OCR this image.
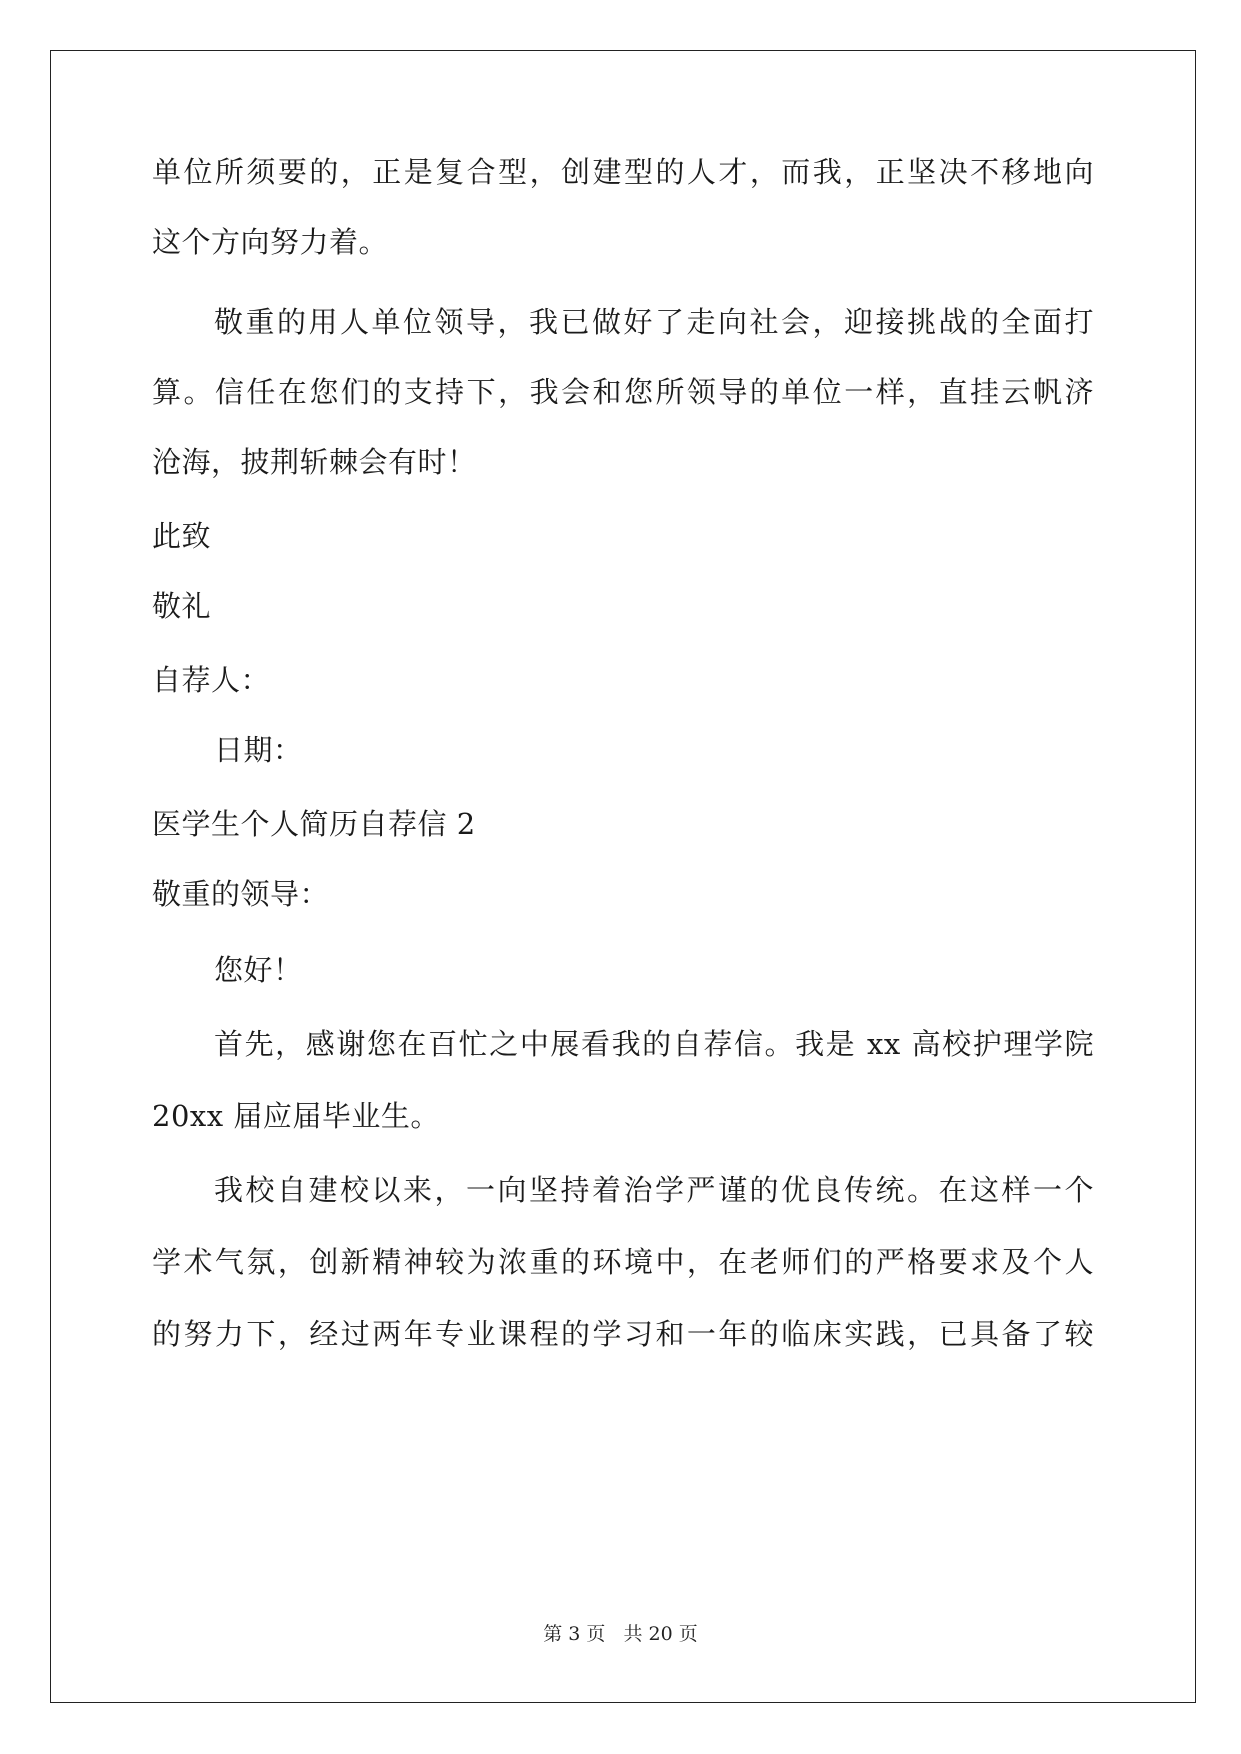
单位所须要的，正是复合型，创建型的人才，而我，正坚决不移地向
这个方向努力着。
敬重的用人单位领导，我已做好了走向社会，迎接挑战的全面打
算。信任在您们的支持下，我会和您所领导的单位一样，直挂云帆济
沧海，披荆斩棘会有时！
此致
敬礼
自荐人：
日期：
医学生个人简历自荐信 2
敬重的领导：
您好！
首先，感谢您在百忙之中展看我的自荐信。我是 xx 高校护理学院
20xx 届应届毕业生。
我校自建校以来，一向坚持着治学严谨的优良传统。在这样一个
学术气氛，创新精神较为浓重的环境中，在老师们的严格要求及个人
的努力下，经过两年专业课程的学习和一年的临床实践，已具备了较
第 3 页 共 20 页
